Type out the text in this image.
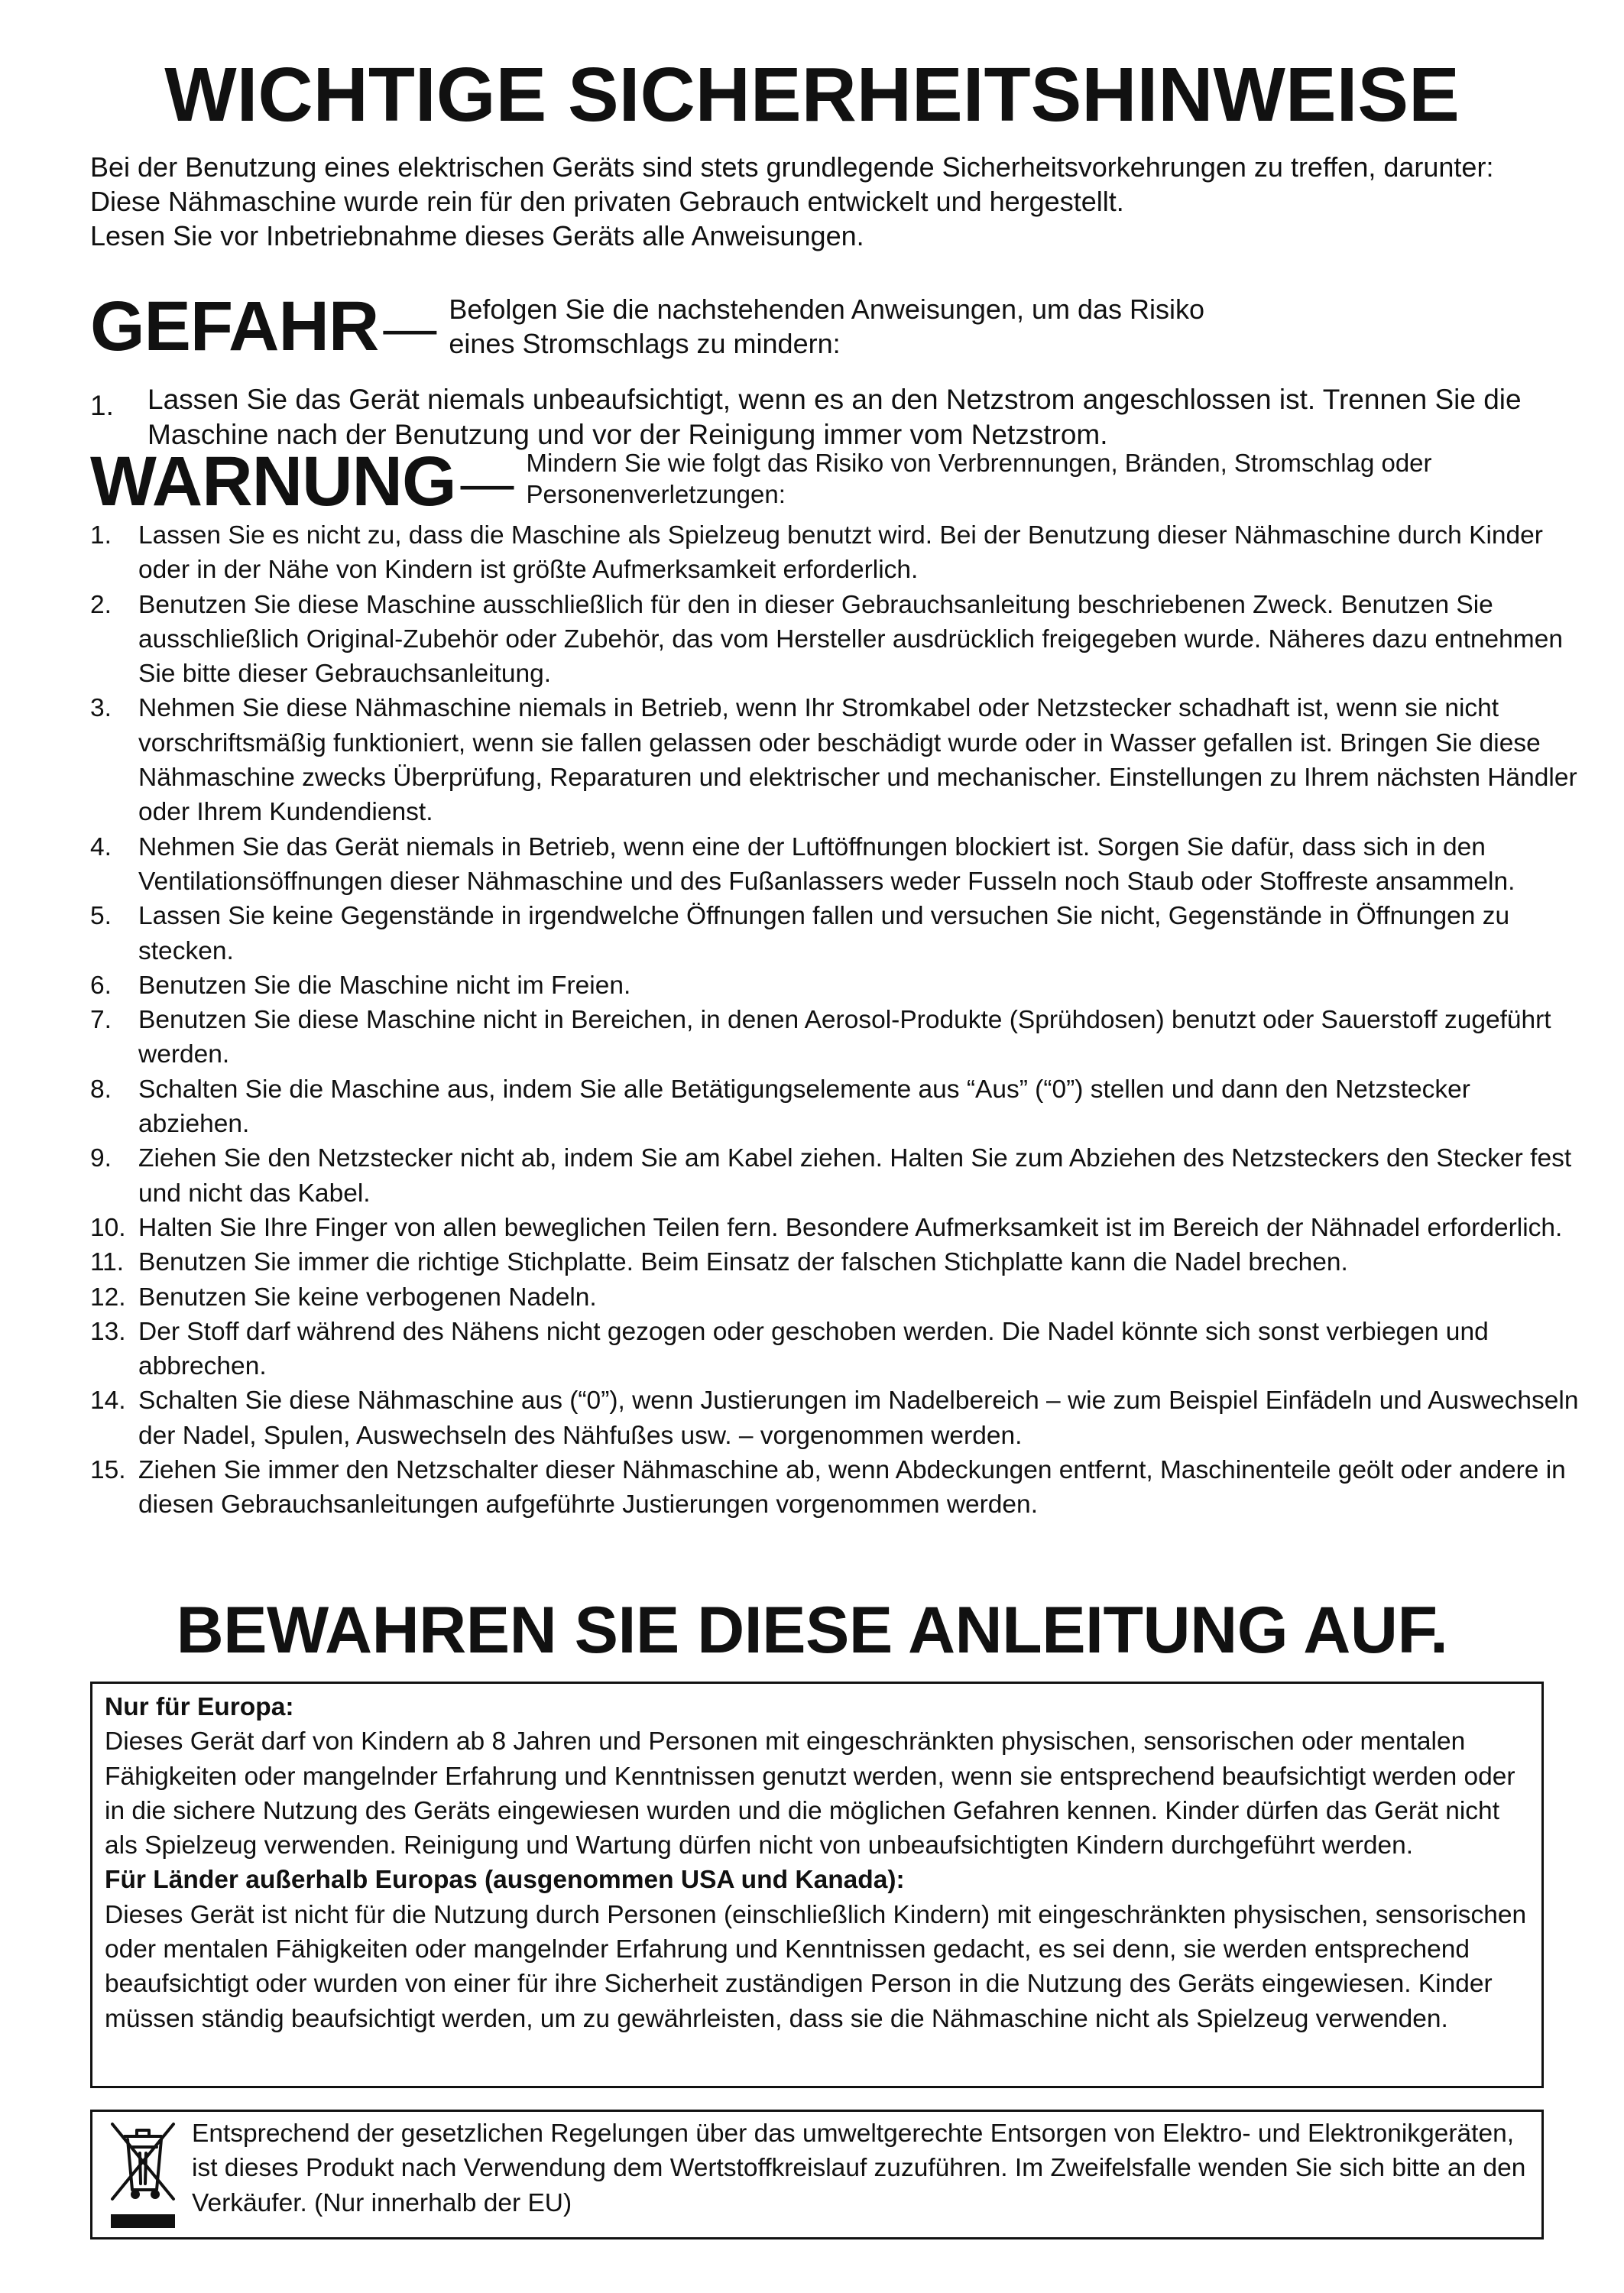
WICHTIGE SICHERHEITSHINWEISE

Bei der Benutzung eines elektrischen Geräts sind stets grundlegende Sicherheitsvorkehrungen zu treffen, darunter:

Diese Nähmaschine wurde rein für den privaten Gebrauch entwickelt und hergestellt.

Lesen Sie vor Inbetriebnahme dieses Geräts alle Anweisungen.

GEFAHR — Befolgen Sie die nachstehenden Anweisungen, um das Risiko eines Stromschlags zu mindern:
1.	Lassen Sie das Gerät niemals unbeaufsichtigt, wenn es an den Netzstrom angeschlossen ist. Trennen Sie die Maschine nach der Benutzung und vor der Reinigung immer vom Netzstrom.
WARNUNG — Mindern Sie wie folgt das Risiko von Verbrennungen, Bränden, Stromschlag oder Personenverletzungen:
1.	Lassen Sie es nicht zu, dass die Maschine als Spielzeug benutzt wird. Bei der Benutzung dieser Nähmaschine durch Kinder oder in der Nähe von Kindern ist größte Aufmerksamkeit erforderlich.
2.	Benutzen Sie diese Maschine ausschließlich für den in dieser Gebrauchsanleitung beschriebenen Zweck. Benutzen Sie ausschließlich Original-Zubehör oder Zubehör, das vom Hersteller ausdrücklich freigegeben wurde. Näheres dazu entnehmen Sie bitte dieser Gebrauchsanleitung.
3.	Nehmen Sie diese Nähmaschine niemals in Betrieb, wenn Ihr Stromkabel oder Netzstecker schadhaft ist, wenn sie nicht vorschriftsmäßig funktioniert, wenn sie fallen gelassen oder beschädigt wurde oder in Wasser gefallen ist. Bringen Sie diese Nähmaschine zwecks Überprüfung, Reparaturen und elektrischer und mechanischer. Einstellungen zu Ihrem nächsten Händler oder Ihrem Kundendienst.
4.	Nehmen Sie das Gerät niemals in Betrieb, wenn eine der Luftöffnungen blockiert ist. Sorgen Sie dafür, dass sich in den Ventilationsöffnungen dieser Nähmaschine und des Fußanlassers weder Fusseln noch Staub oder Stoffreste ansammeln.
5.	Lassen Sie keine Gegenstände in irgendwelche Öffnungen fallen und versuchen Sie nicht, Gegenstände in Öffnungen zu stecken.
6.	Benutzen Sie die Maschine nicht im Freien.
7.	Benutzen Sie diese Maschine nicht in Bereichen, in denen Aerosol-Produkte (Sprühdosen) benutzt oder Sauerstoff zugeführt werden.
8.	Schalten Sie die Maschine aus, indem Sie alle Betätigungselemente aus “Aus” (“0”) stellen und dann den Netzstecker abziehen.
9.	Ziehen Sie den Netzstecker nicht ab, indem Sie am Kabel ziehen. Halten Sie zum Abziehen des Netzsteckers den Stecker fest und nicht das Kabel.
10. Halten Sie Ihre Finger von allen beweglichen Teilen fern. Besondere Aufmerksamkeit ist im Bereich der Nähnadel erforderlich.
11. Benutzen Sie immer die richtige Stichplatte. Beim Einsatz der falschen Stichplatte kann die Nadel brechen.
12. Benutzen Sie keine verbogenen Nadeln.
13. Der Stoff darf während des Nähens nicht gezogen oder geschoben werden. Die Nadel könnte sich sonst verbiegen und abbrechen.
14. Schalten Sie diese Nähmaschine aus (“0”), wenn Justierungen im Nadelbereich – wie zum Beispiel Einfädeln und Auswechseln der Nadel, Spulen, Auswechseln des Nähfußes usw. – vorgenommen werden.
15. Ziehen Sie immer den Netzschalter dieser Nähmaschine ab, wenn Abdeckungen entfernt, Maschinenteile geölt oder andere in diesen Gebrauchsanleitungen aufgeführte Justierungen vorgenommen werden.
BEWAHREN SIE DIESE ANLEITUNG AUF.

Nur für Europa:

Dieses Gerät darf von Kindern ab 8 Jahren und Personen mit eingeschränkten physischen, sensorischen oder mentalen Fähigkeiten oder mangelnder Erfahrung und Kenntnissen genutzt werden, wenn sie entsprechend beaufsichtigt werden oder in die sichere Nutzung des Geräts eingewiesen wurden und die möglichen Gefahren kennen. Kinder dürfen das Gerät nicht als Spielzeug verwenden. Reinigung und Wartung dürfen nicht von unbeaufsichtigten Kindern durchgeführt werden.

Für Länder außerhalb Europas (ausgenommen USA und Kanada):

Dieses Gerät ist nicht für die Nutzung durch Personen (einschließlich Kindern) mit eingeschränkten physischen, sensorischen oder mentalen Fähigkeiten oder mangelnder Erfahrung und Kenntnissen gedacht, es sei denn, sie werden entsprechend beaufsichtigt oder wurden von einer für ihre Sicherheit zuständigen Person in die Nutzung des Geräts eingewiesen. Kinder müssen ständig beaufsichtigt werden, um zu gewährleisten, dass sie die Nähmaschine nicht als Spielzeug verwenden.

Entsprechend der gesetzlichen Regelungen über das umweltgerechte Entsorgen von Elektro- und Elektronikgeräten, ist dieses Produkt nach Verwendung dem Wertstoffkreislauf zuzuführen. Im Zweifelsfalle wenden Sie sich bitte an den Verkäufer. (Nur innerhalb der EU)
